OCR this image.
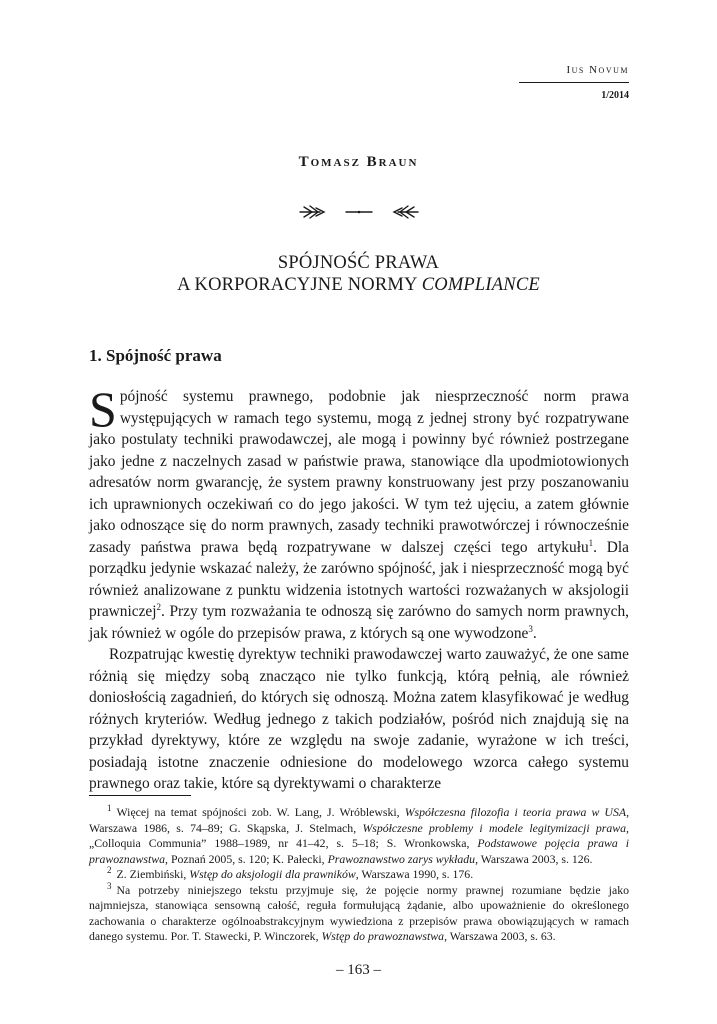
Ius Novum
1/2014
Tomasz Braun
SPÓJNOŚĆ PRAWA
A KORPORACYJNE NORMY COMPLIANCE
1. Spójność prawa

Spójność systemu prawnego, podobnie jak niesprzeczność norm prawa występujących w ramach tego systemu, mogą z jednej strony być rozpatrywane jako postulaty techniki prawodawczej, ale mogą i powinny być również postrzegane jako jedne z naczelnych zasad w państwie prawa, stanowiące dla upodmiotowionych adresatów norm gwarancję, że system prawny konstruowany jest przy poszanowaniu ich uprawnionych oczekiwań co do jego jakości. W tym też ujęciu, a zatem głównie jako odnoszące się do norm prawnych, zasady techniki prawotwórczej i równocześnie zasady państwa prawa będą rozpatrywane w dalszej części tego artykułu$^1$. Dla porządku jedynie wskazać należy, że zarówno spójność, jak i niesprzeczność mogą być również analizowane z punktu widzenia istotnych wartości rozważanych w aksjologii prawniczej$^2$. Przy tym rozważania te odnoszą się zarówno do samych norm prawnych, jak również w ogóle do przepisów prawa, z których są one wywodzone$^3$.

Rozpatrując kwestię dyrektyw techniki prawodawczej warto zauważyć, że one same różnią się między sobą znacząco nie tylko funkcją, którą pełnią, ale również doniosłością zagadnień, do których się odnoszą. Można zatem klasyfikować je według różnych kryteriów. Według jednego z takich podziałów, pośród nich znajdują się na przykład dyrektywy, które ze względu na swoje zadanie, wyrażone w ich treści, posiadają istotne znaczenie odniesione do modelowego wzorca całego systemu prawnego oraz takie, które są dyrektywami o charakterze

$^1$ Więcej na temat spójności zob. W. Lang, J. Wróblewski, Współczesna filozofia i teoria prawa w USA, Warszawa 1986, s. 74–89; G. Skąpska, J. Stelmach, Współczesne problemy i modele legitymizacji prawa, „Colloquia Communia” 1988–1989, nr 41–42, s. 5–18; S. Wronkowska, Podstawowe pojęcia prawa i prawoznawstwa, Poznań 2005, s. 120; K. Pałecki, Prawoznawstwo zarys wykładu, Warszawa 2003, s. 126.

$^2$ Z. Ziembiński, Wstęp do aksjologii dla prawników, Warszawa 1990, s. 176.

$^3$ Na potrzeby niniejszego tekstu przyjmuje się, że pojęcie normy prawnej rozumiane będzie jako najmniejsza, stanowiąca sensowną całość, reguła formułującą żądanie, albo upoważnienie do określonego zachowania o charakterze ogólnoabstrakcyjnym wywiedziona z przepisów prawa obowiązujących w ramach danego systemu. Por. T. Stawecki, P. Winczorek, Wstęp do prawoznawstwa, Warszawa 2003, s. 63.

– 163 –
